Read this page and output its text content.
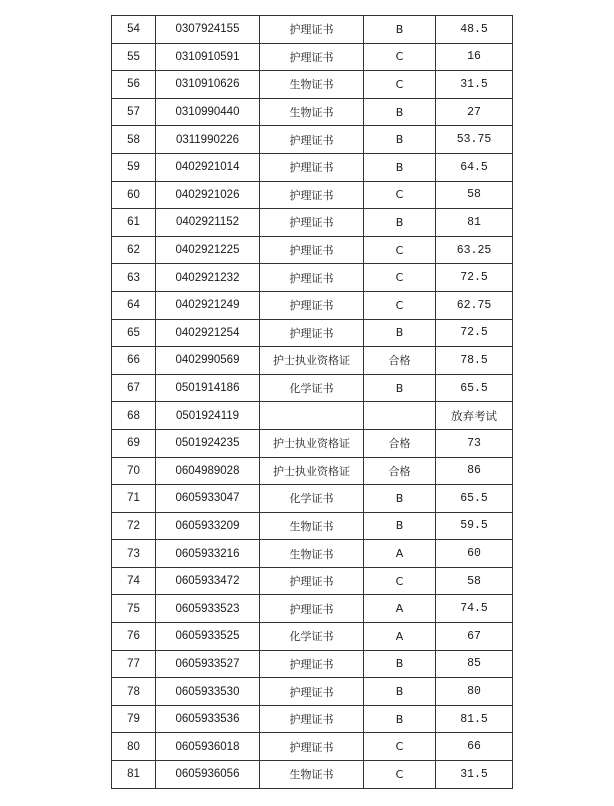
54	0307924155	护理证书	B	48.5
55	0310910591	护理证书	C	16
56	0310910626	生物证书	C	31.5
57	0310990440	生物证书	B	27
58	0311990226	护理证书	B	53.75
59	0402921014	护理证书	B	64.5
60	0402921026	护理证书	C	58
61	0402921152	护理证书	B	81
62	0402921225	护理证书	C	63.25
63	0402921232	护理证书	C	72.5
64	0402921249	护理证书	C	62.75
65	0402921254	护理证书	B	72.5
66	0402990569	护士执业资格证	合格	78.5
67	0501914186	化学证书	B	65.5
68	0501924119			放弃考试
69	0501924235	护士执业资格证	合格	73
70	0604989028	护士执业资格证	合格	86
71	0605933047	化学证书	B	65.5
72	0605933209	生物证书	B	59.5
73	0605933216	生物证书	A	60
74	0605933472	护理证书	C	58
75	0605933523	护理证书	A	74.5
76	0605933525	化学证书	A	67
77	0605933527	护理证书	B	85
78	0605933530	护理证书	B	80
79	0605933536	护理证书	B	81.5
80	0605936018	护理证书	C	66
81	0605936056	生物证书	C	31.5
